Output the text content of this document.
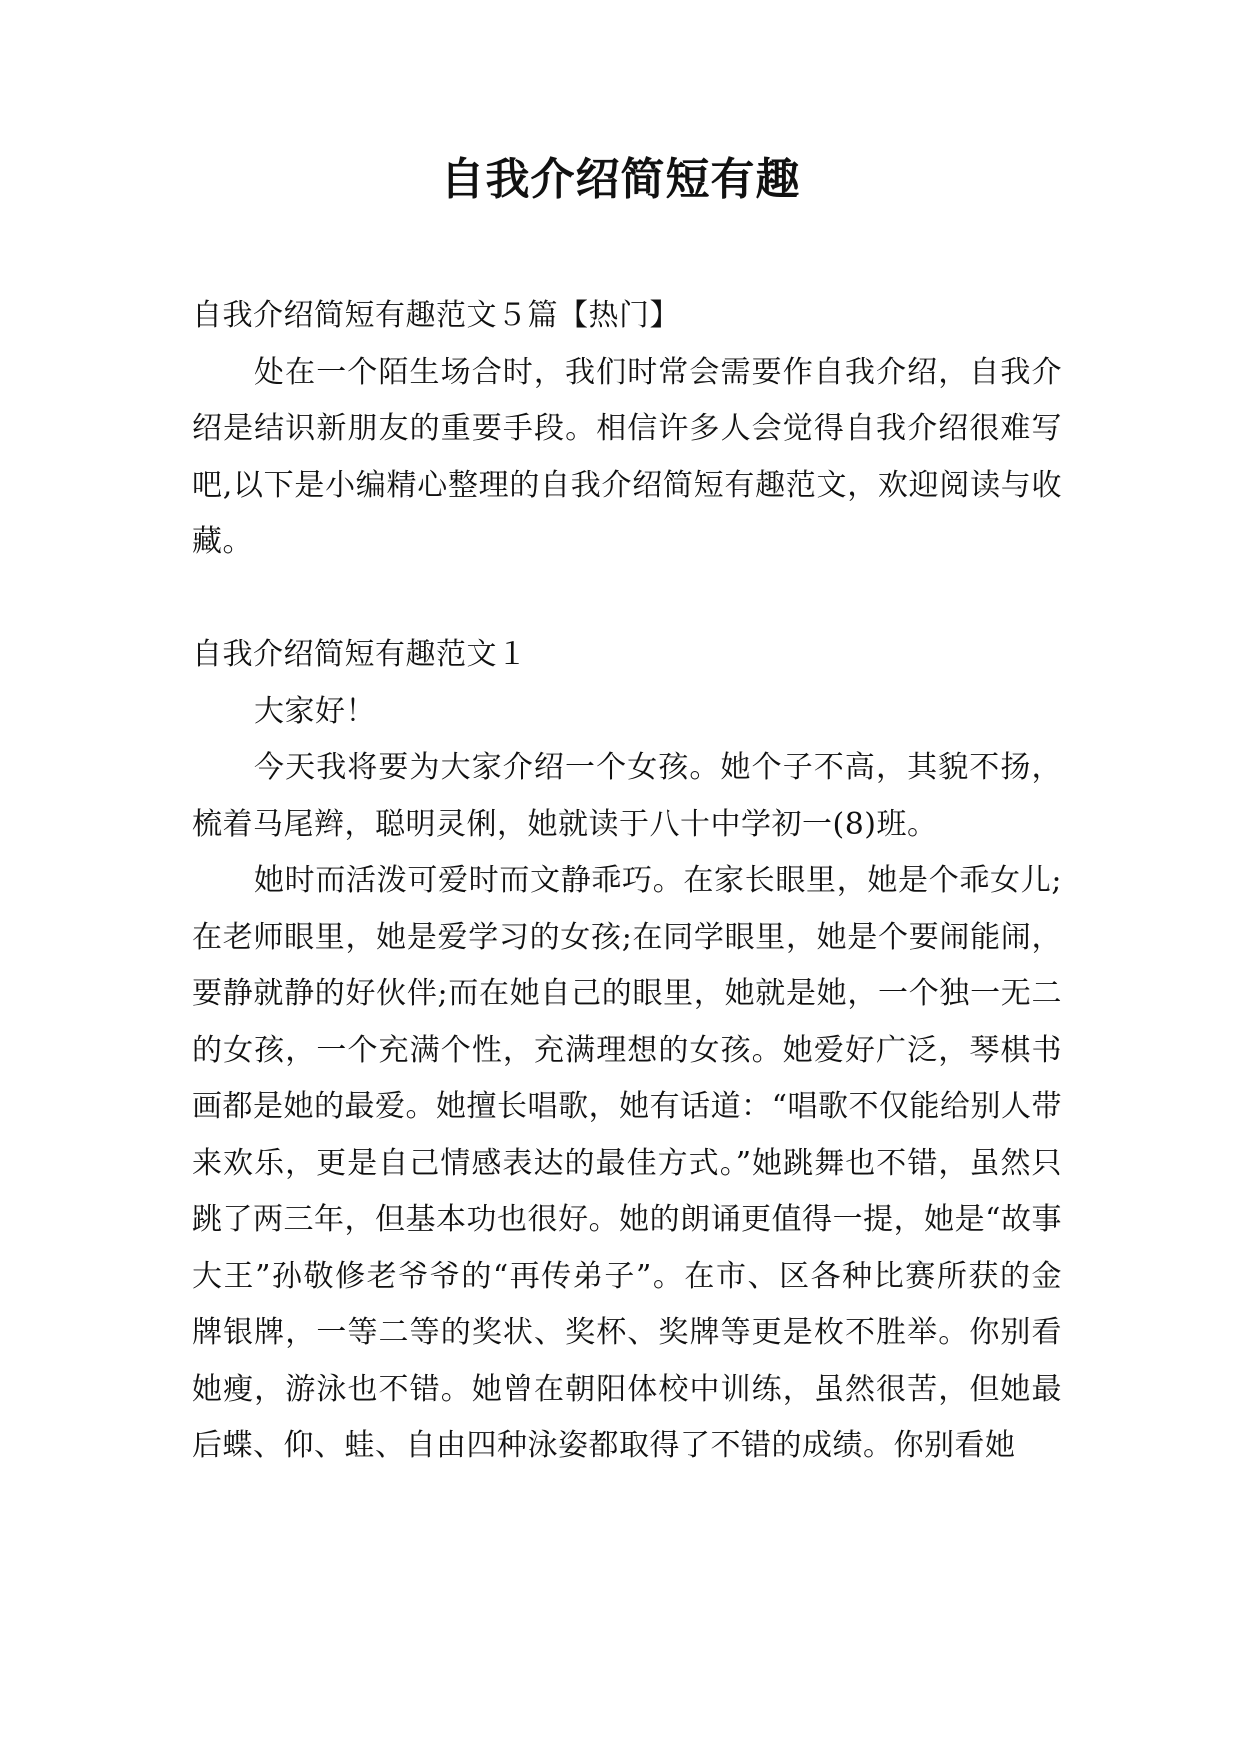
自我介绍简短有趣

自我介绍简短有趣范文５篇【热门】

处在一个陌生场合时，我们时常会需要作自我介绍，自我介绍是结识新朋友的重要手段。相信许多人会觉得自我介绍很难写吧,以下是小编精心整理的自我介绍简短有趣范文，欢迎阅读与收藏。

自我介绍简短有趣范文１

大家好！

今天我将要为大家介绍一个女孩。她个子不高，其貌不扬，梳着马尾辫，聪明灵俐，她就读于八十中学初一(8)班。

她时而活泼可爱时而文静乖巧。在家长眼里，她是个乖女儿;在老师眼里，她是爱学习的女孩;在同学眼里，她是个要闹能闹，要静就静的好伙伴;而在她自己的眼里，她就是她，一个独一无二的女孩，一个充满个性，充满理想的女孩。她爱好广泛，琴棋书画都是她的最爱。她擅长唱歌，她有话道：“唱歌不仅能给别人带来欢乐，更是自己情感表达的最佳方式。”她跳舞也不错，虽然只跳了两三年，但基本功也很好。她的朗诵更值得一提，她是“故事大王”孙敬修老爷爷的“再传弟子”。在市、区各种比赛所获的金牌银牌，一等二等的奖状、奖杯、奖牌等更是枚不胜举。你别看她瘦，游泳也不错。她曾在朝阳体校中训练，虽然很苦，但她最后蝶、仰、蛙、自由四种泳姿都取得了不错的成绩。你别看她
